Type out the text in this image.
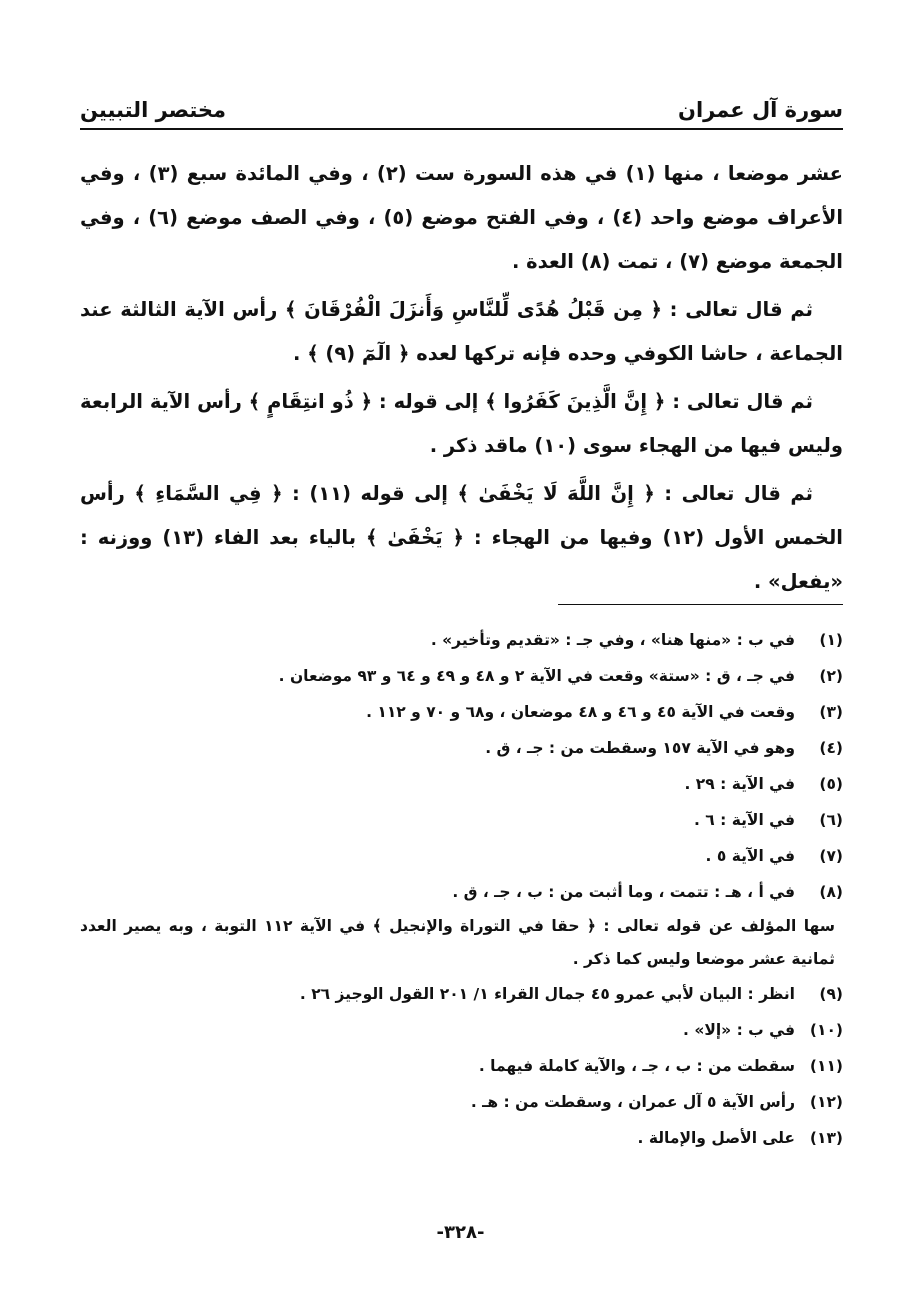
سورة آل عمران
مختصر التبيين

عشر موضعا ، منها (١) في هذه السورة ست (٢) ، وفي المائدة سبع (٣) ، وفي الأعراف موضع واحد (٤) ، وفي الفتح موضع (٥) ، وفي الصف موضع (٦) ، وفي الجمعة موضع (٧) ، تمت (٨) العدة .

ثم قال تعالى : ﴿ مِن قَبْلُ هُدًى لِّلنَّاسِ وَأَنزَلَ الْفُرْقَانَ ﴾ رأس الآية الثالثة عند الجماعة ، حاشا الكوفي وحده فإنه تركها لعده ﴿ الٓمٓ (٩) ﴾ .

ثم قال تعالى : ﴿ إِنَّ الَّذِينَ كَفَرُوا ﴾ إلى قوله : ﴿ ذُو انتِقَامٍ ﴾ رأس الآية الرابعة وليس فيها من الهجاء سوى (١٠) ماقد ذكر .

ثم قال تعالى : ﴿ إِنَّ اللَّهَ لَا يَخْفَىٰ ﴾ إلى قوله (١١) : ﴿ فِي السَّمَاءِ ﴾ رأس الخمس الأول (١٢) وفيها من الهجاء : ﴿ يَخْفَىٰ ﴾ بالياء بعد الفاء (١٣) ووزنه : «يفعل» .

(١)
في ب : «منها هنا» ، وفي جـ : «تقديم وتأخير» .
(٢)
في جـ ، ق : «ستة» وقعت في الآية ٢ و ٤٨ و ٤٩ و ٦٤ و ٩٣ موضعان .
(٣)
وقعت في الآية ٤٥ و ٤٦ و ٤٨ موضعان ، و٦٨ و ٧٠ و ١١٢ .
(٤)
وهو في الآية ١٥٧ وسقطت من : جـ ، ق .
(٥)
في الآية : ٢٩ .
(٦)
في الآية : ٦ .
(٧)
في الآية ٥ .
(٨)
في أ ، هـ : تتمت ، وما أثبت من : ب ، جـ ، ق .
سها المؤلف عن قوله تعالى : ﴿ حقا في التوراة والإنجيل ﴾ في الآية ١١٢ التوبة ، وبه يصير العدد ثمانية عشر موضعا وليس كما ذكر .
(٩)
انظر : البيان لأبي عمرو ٤٥ جمال القراء ١/ ٢٠١ القول الوجيز ٢٦ .
(١٠)
في ب : «إلا» .
(١١)
سقطت من : ب ، جـ ، والآية كاملة فيهما .
(١٢)
رأس الآية ٥ آل عمران ، وسقطت من : هـ .
(١٣)
على الأصل والإمالة .
-٣٢٨-
